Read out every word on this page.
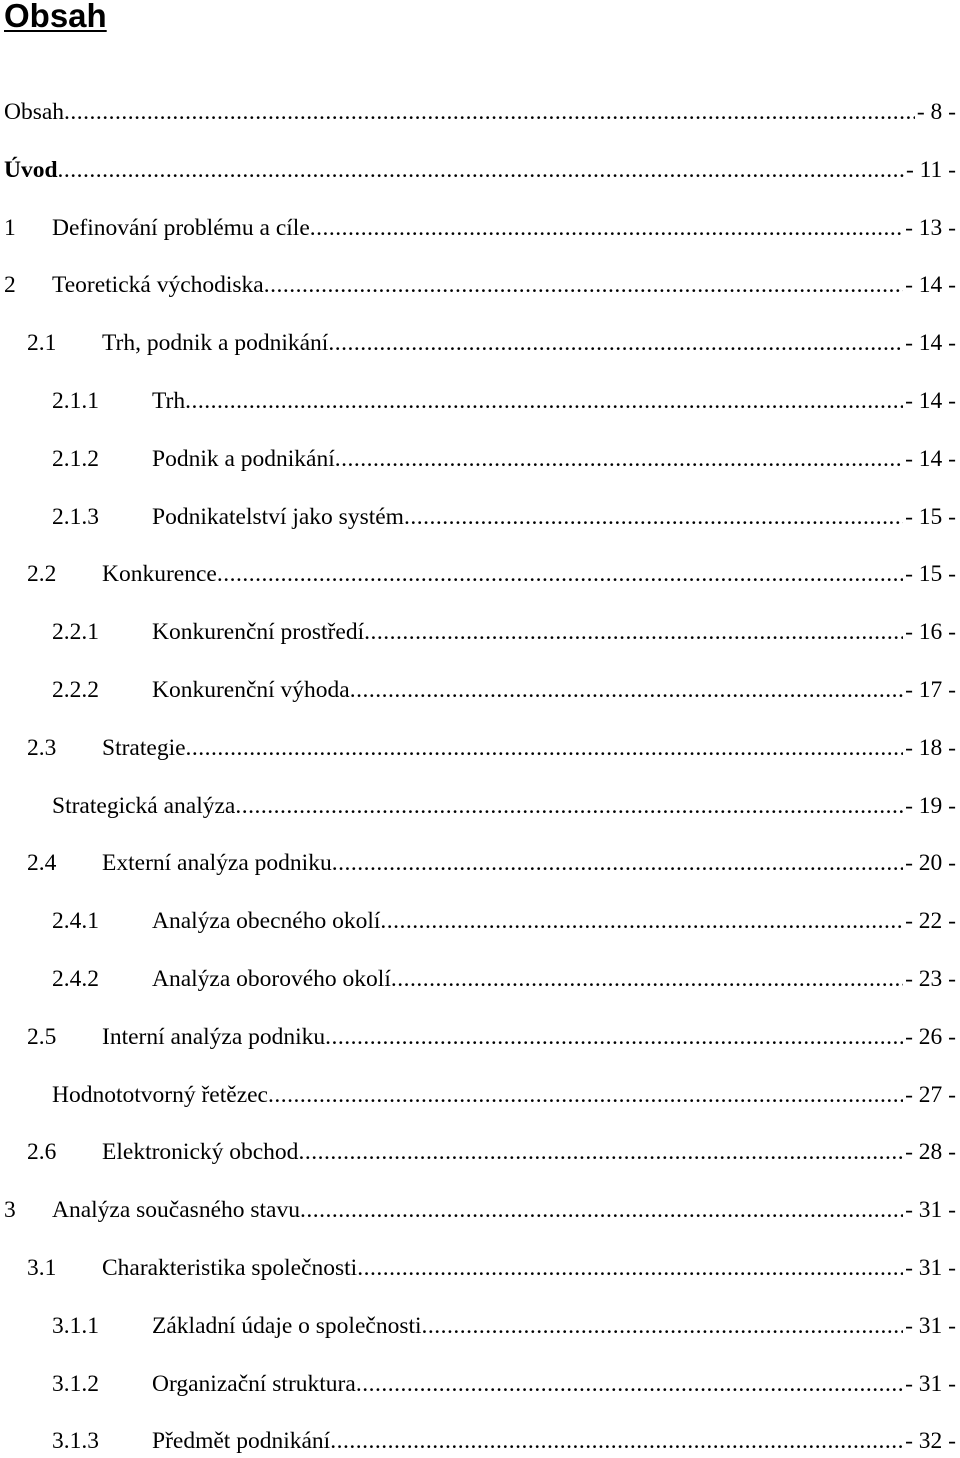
Obsah
Obsah .....	- 8 -
Úvod .....	- 11 -
1 Definování problému a cíle .....	- 13 -
2 Teoretická východiska .....	- 14 -
2.1 Trh, podnik a podnikání .....	- 14 -
2.1.1 Trh .....	- 14 -
2.1.2 Podnik a podnikání .....	- 14 -
2.1.3 Podnikatelství jako systém .....	- 15 -
2.2 Konkurence .....	- 15 -
2.2.1 Konkurenční prostředí .....	- 16 -
2.2.2 Konkurenční výhoda .....	- 17 -
2.3 Strategie .....	- 18 -
Strategická analýza .....	- 19 -
2.4 Externí analýza podniku .....	- 20 -
2.4.1 Analýza obecného okolí .....	- 22 -
2.4.2 Analýza oborového okolí .....	- 23 -
2.5 Interní analýza podniku .....	- 26 -
Hodnototvorný řetězec .....	- 27 -
2.6 Elektronický obchod .....	- 28 -
3 Analýza současného stavu .....	- 31 -
3.1 Charakteristika společnosti .....	- 31 -
3.1.1 Základní údaje o společnosti .....	- 31 -
3.1.2 Organizační struktura .....	- 31 -
3.1.3 Předmět podnikání .....	- 32 -
